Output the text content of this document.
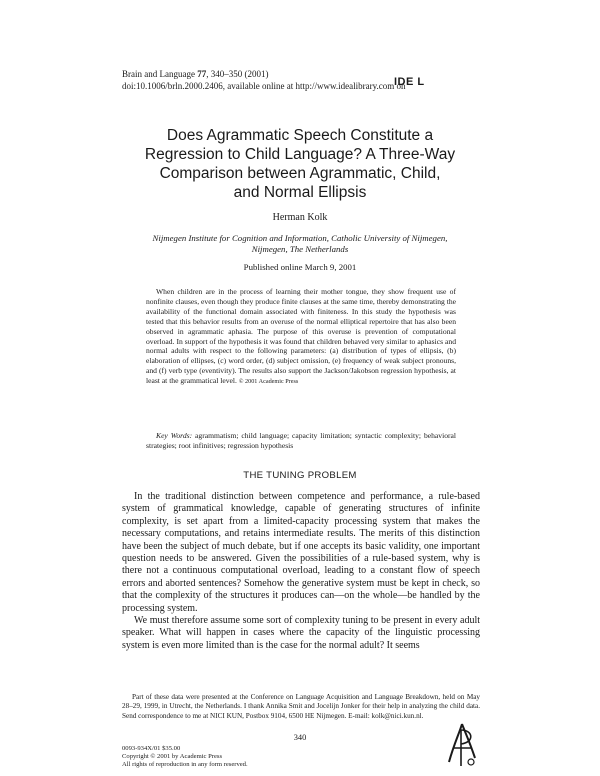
Brain and Language 77, 340–350 (2001)
doi:10.1006/brln.2000.2406, available online at http://www.idealibrary.com on
IDE L
Does Agrammatic Speech Constitute a
Regression to Child Language? A Three-Way
Comparison between Agrammatic, Child,
and Normal Ellipsis
Herman Kolk
Nijmegen Institute for Cognition and Information, Catholic University of Nijmegen,
Nijmegen, The Netherlands
Published online March 9, 2001
When children are in the process of learning their mother tongue, they show frequent use of nonfinite clauses, even though they produce finite clauses at the same time, thereby demonstrating the availability of the functional domain associated with finiteness. In this study the hypothesis was tested that this behavior results from an overuse of the normal elliptical repertoire that has also been observed in agrammatic aphasia. The purpose of this overuse is prevention of computational overload. In support of the hypothesis it was found that children behaved very similar to aphasics and normal adults with respect to the following parameters: (a) distribution of types of ellipsis, (b) elaboration of ellipses, (c) word order, (d) subject omission, (e) frequency of weak subject pronouns, and (f) verb type (eventivity). The results also support the Jackson/Jakobson regression hypothesis, at least at the grammatical level. © 2001 Academic Press
Key Words: agrammatism; child language; capacity limitation; syntactic complexity; behavioral strategies; root infinitives; regression hypothesis
THE TUNING PROBLEM

In the traditional distinction between competence and performance, a rule-based system of grammatical knowledge, capable of generating structures of infinite complexity, is set apart from a limited-capacity processing system that makes the necessary computations, and retains intermediate results. The merits of this distinction have been the subject of much debate, but if one accepts its basic validity, one important question needs to be answered. Given the possibilities of a rule-based system, why is there not a continuous computational overload, leading to a constant flow of speech errors and aborted sentences? Somehow the generative system must be kept in check, so that the complexity of the structures it produces can—on the whole—be handled by the processing system.

We must therefore assume some sort of complexity tuning to be present in every adult speaker. What will happen in cases where the capacity of the linguistic processing system is even more limited than is the case for the normal adult? It seems

Part of these data were presented at the Conference on Language Acquisition and Language Breakdown, held on May 28–29, 1999, in Utrecht, the Netherlands. I thank Annika Smit and Jocelijn Jonker for their help in analyzing the child data. Send correspondence to me at NICI KUN, Postbox 9104, 6500 HE Nijmegen. E-mail: kolk@nici.kun.nl.
340
0093-934X/01 $35.00
Copyright © 2001 by Academic Press
All rights of reproduction in any form reserved.
